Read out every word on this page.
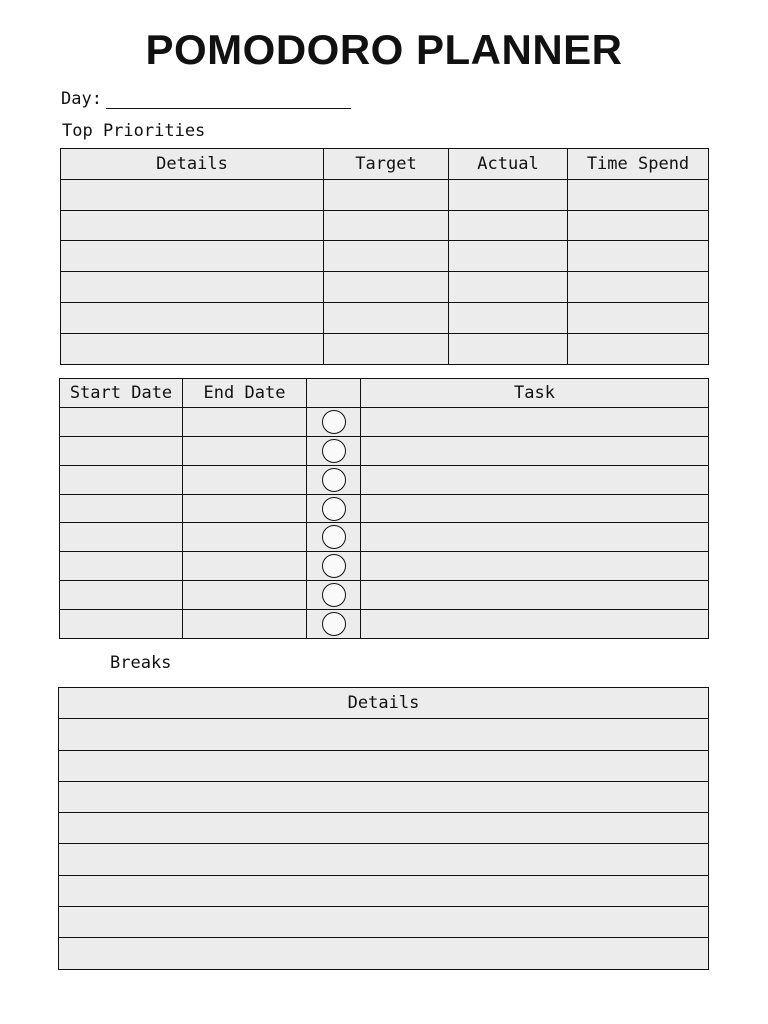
POMODORO PLANNER
Day:
Top Priorities
Details	Target	Actual	Time Spend

Start Date	End Date		Task

Breaks
Details
